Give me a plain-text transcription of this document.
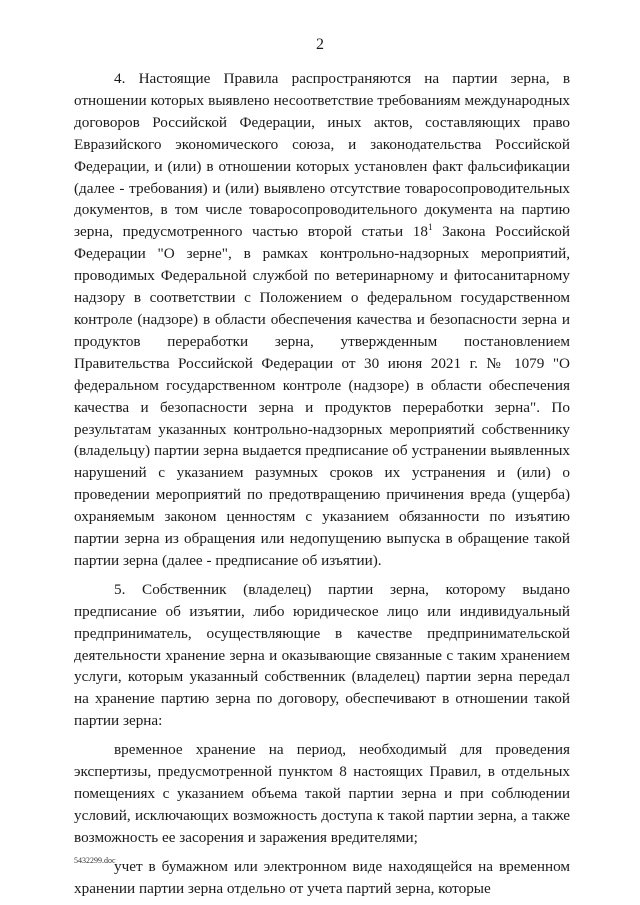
2

4. Настоящие Правила распространяются на партии зерна, в отношении которых выявлено несоответствие требованиям международных договоров Российской Федерации, иных актов, составляющих право Евразийского экономического союза, и законодательства Российской Федерации, и (или) в отношении которых установлен факт фальсификации (далее - требования) и (или) выявлено отсутствие товаросопроводительных документов, в том числе товаросопроводительного документа на партию зерна, предусмотренного частью второй статьи $18^1$ Закона Российской Федерации "О зерне", в рамках контрольно-надзорных мероприятий, проводимых Федеральной службой по ветеринарному и фитосанитарному надзору в соответствии с Положением о федеральном государственном контроле (надзоре) в области обеспечения качества и безопасности зерна и продуктов переработки зерна, утвержденным постановлением Правительства Российской Федерации от 30 июня 2021 г. № 1079 "О федеральном государственном контроле (надзоре) в области обеспечения качества и безопасности зерна и продуктов переработки зерна". По результатам указанных контрольно-надзорных мероприятий собственнику (владельцу) партии зерна выдается предписание об устранении выявленных нарушений с указанием разумных сроков их устранения и (или) о проведении мероприятий по предотвращению причинения вреда (ущерба) охраняемым законом ценностям с указанием обязанности по изъятию партии зерна из обращения или недопущению выпуска в обращение такой партии зерна (далее - предписание об изъятии).

5. Собственник (владелец) партии зерна, которому выдано предписание об изъятии, либо юридическое лицо или индивидуальный предприниматель, осуществляющие в качестве предпринимательской деятельности хранение зерна и оказывающие связанные с таким хранением услуги, которым указанный собственник (владелец) партии зерна передал на хранение партию зерна по договору, обеспечивают в отношении такой партии зерна:

временное хранение на период, необходимый для проведения экспертизы, предусмотренной пунктом 8 настоящих Правил, в отдельных помещениях с указанием объема такой партии зерна и при соблюдении условий, исключающих возможность доступа к такой партии зерна, а также возможность ее засорения и заражения вредителями;

учет в бумажном или электронном виде находящейся на временном хранении партии зерна отдельно от учета партий зерна, которые

5432299.doc
